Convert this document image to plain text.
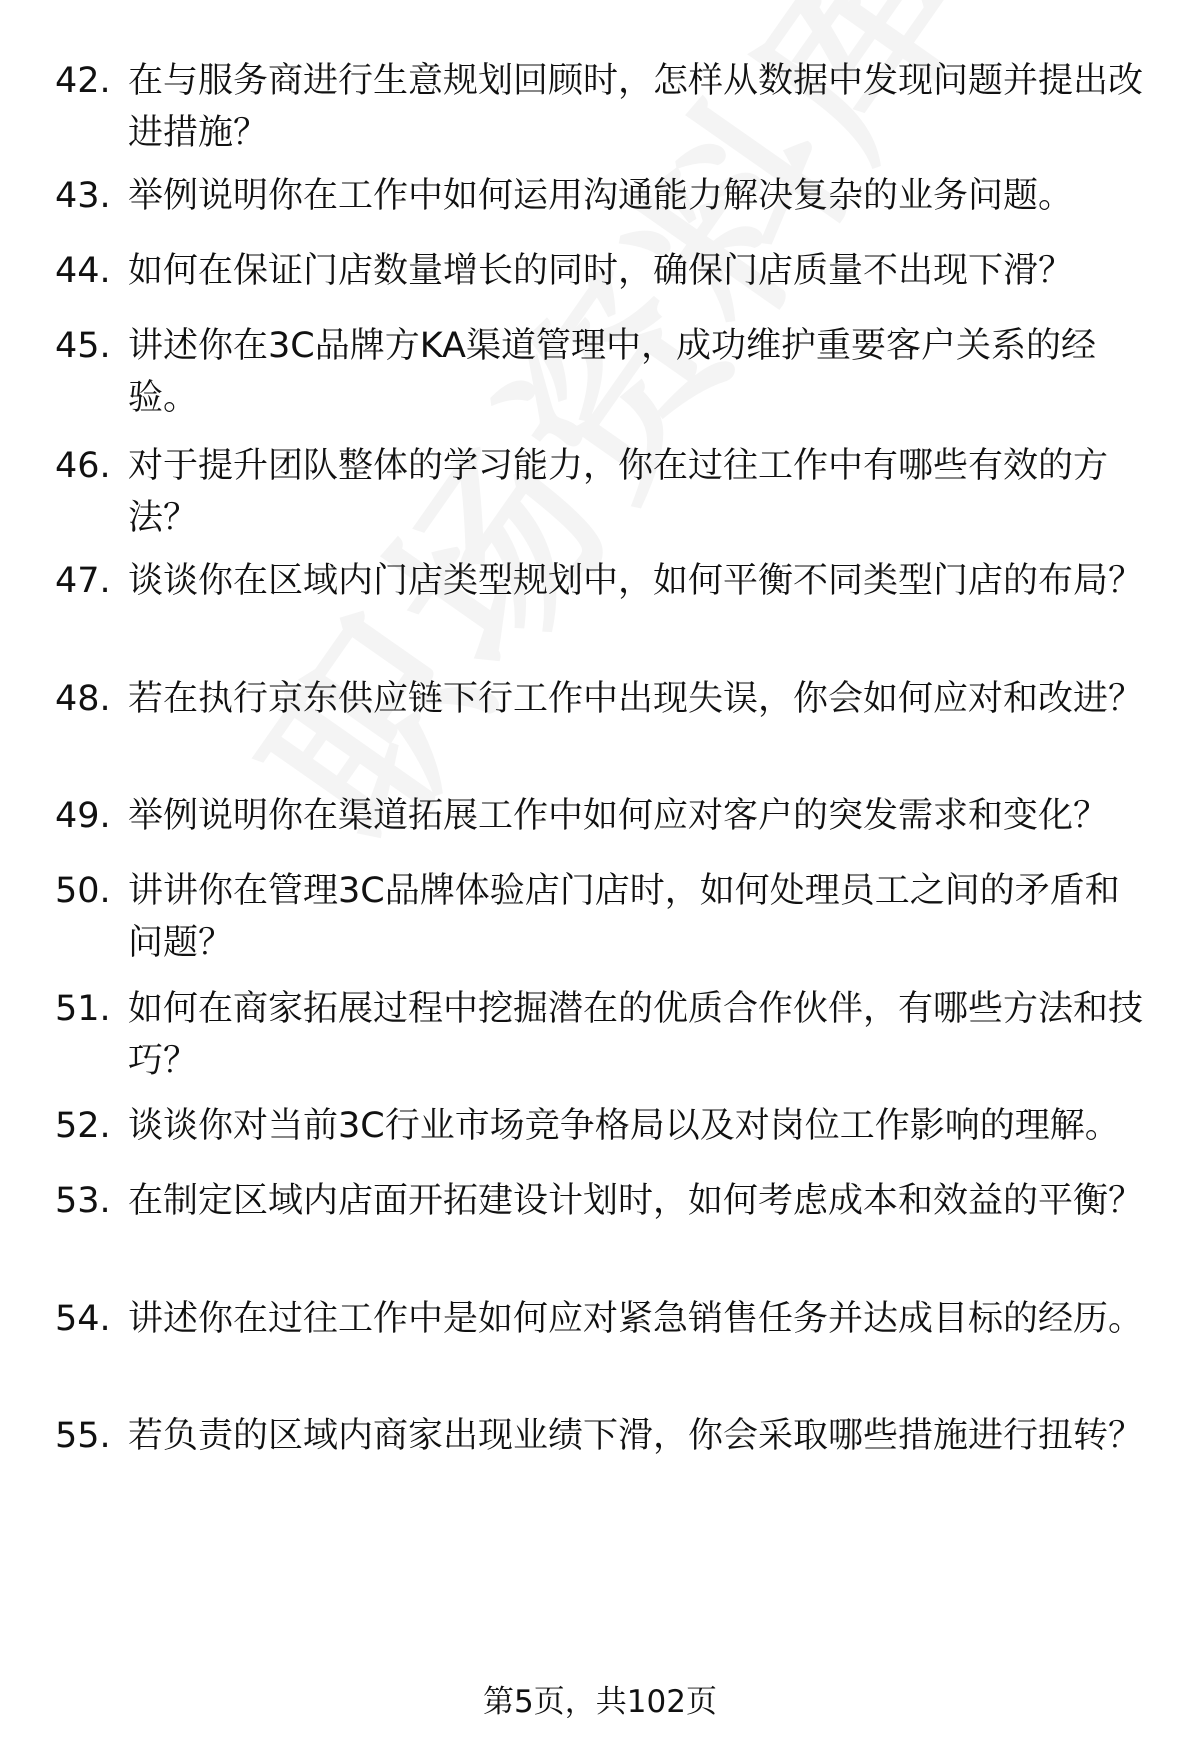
42. 在与服务商进行生意规划回顾时，怎样从数据中发现问题并提出改进措施？
43. 举例说明你在工作中如何运用沟通能力解决复杂的业务问题。
44. 如何在保证门店数量增长的同时，确保门店质量不出现下滑？
45. 讲述你在3C品牌方KA渠道管理中，成功维护重要客户关系的经验。
46. 对于提升团队整体的学习能力，你在过往工作中有哪些有效的方法？
47. 谈谈你在区域内门店类型规划中，如何平衡不同类型门店的布局？
48. 若在执行京东供应链下行工作中出现失误，你会如何应对和改进？
49. 举例说明你在渠道拓展工作中如何应对客户的突发需求和变化？
50. 讲讲你在管理3C品牌体验店门店时，如何处理员工之间的矛盾和问题？
51. 如何在商家拓展过程中挖掘潜在的优质合作伙伴，有哪些方法和技巧？
52. 谈谈你对当前3C行业市场竞争格局以及对岗位工作影响的理解。
53. 在制定区域内店面开拓建设计划时，如何考虑成本和效益的平衡？
54. 讲述你在过往工作中是如何应对紧急销售任务并达成目标的经历。
55. 若负责的区域内商家出现业绩下滑，你会采取哪些措施进行扭转？
第5页，共102页
